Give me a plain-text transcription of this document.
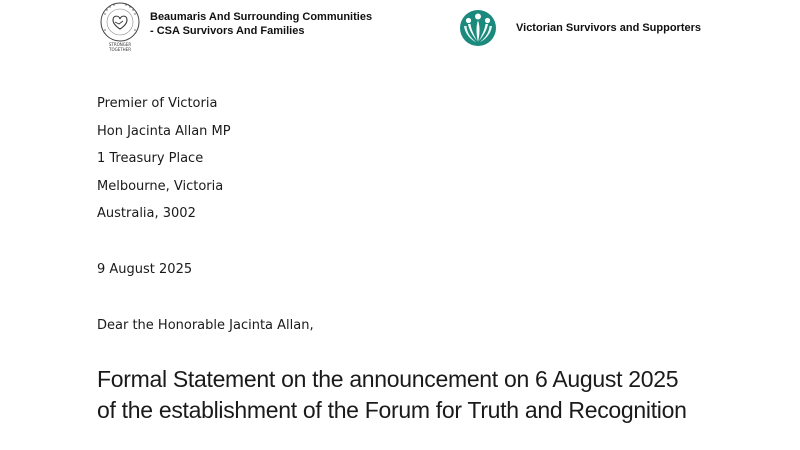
STRONGER
TOGETHER
Beaumaris And Surrounding Communities
- CSA Survivors And Families	Victorian Survivors and Supporters
Premier of Victoria
Hon Jacinta Allan MP
1 Treasury Place
Melbourne, Victoria
Australia, 3002
9 August 2025
Dear the Honorable Jacinta Allan,
Formal Statement on the announcement on 6 August 2025
of the establishment of the Forum for Truth and Recognition
